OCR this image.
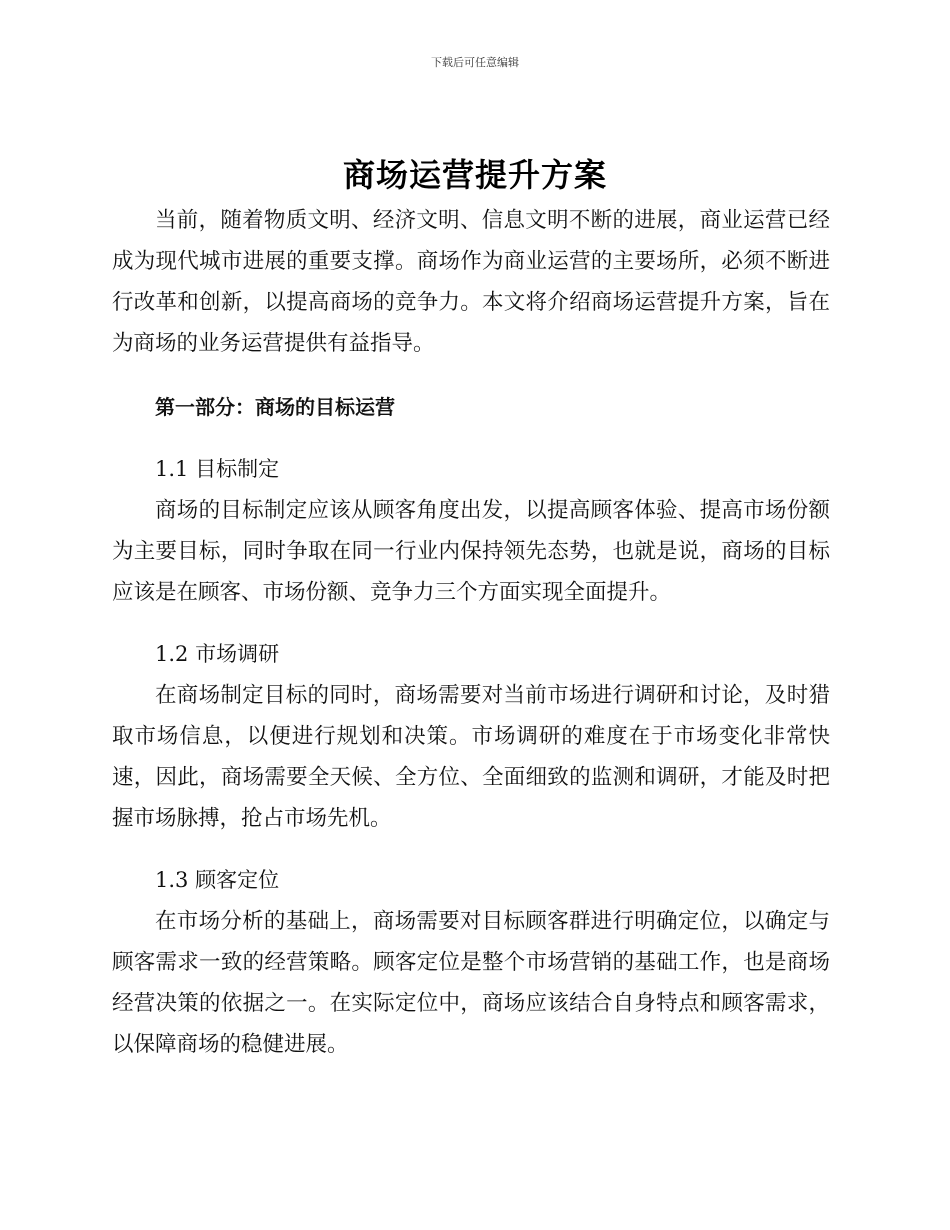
下载后可任意编辑
商场运营提升方案

当前，随着物质文明、经济文明、信息文明不断的进展，商业运营已经成为现代城市进展的重要支撑。商场作为商业运营的主要场所，必须不断进行改革和创新，以提高商场的竞争力。本文将介绍商场运营提升方案，旨在为商场的业务运营提供有益指导。

第一部分：商场的目标运营
1.1 目标制定

商场的目标制定应该从顾客角度出发，以提高顾客体验、提高市场份额为主要目标，同时争取在同一行业内保持领先态势，也就是说，商场的目标应该是在顾客、市场份额、竞争力三个方面实现全面提升。

1.2 市场调研

在商场制定目标的同时，商场需要对当前市场进行调研和讨论，及时猎取市场信息，以便进行规划和决策。市场调研的难度在于市场变化非常快速，因此，商场需要全天候、全方位、全面细致的监测和调研，才能及时把握市场脉搏，抢占市场先机。

1.3 顾客定位

在市场分析的基础上，商场需要对目标顾客群进行明确定位，以确定与顾客需求一致的经营策略。顾客定位是整个市场营销的基础工作，也是商场经营决策的依据之一。在实际定位中，商场应该结合自身特点和顾客需求，以保障商场的稳健进展。
